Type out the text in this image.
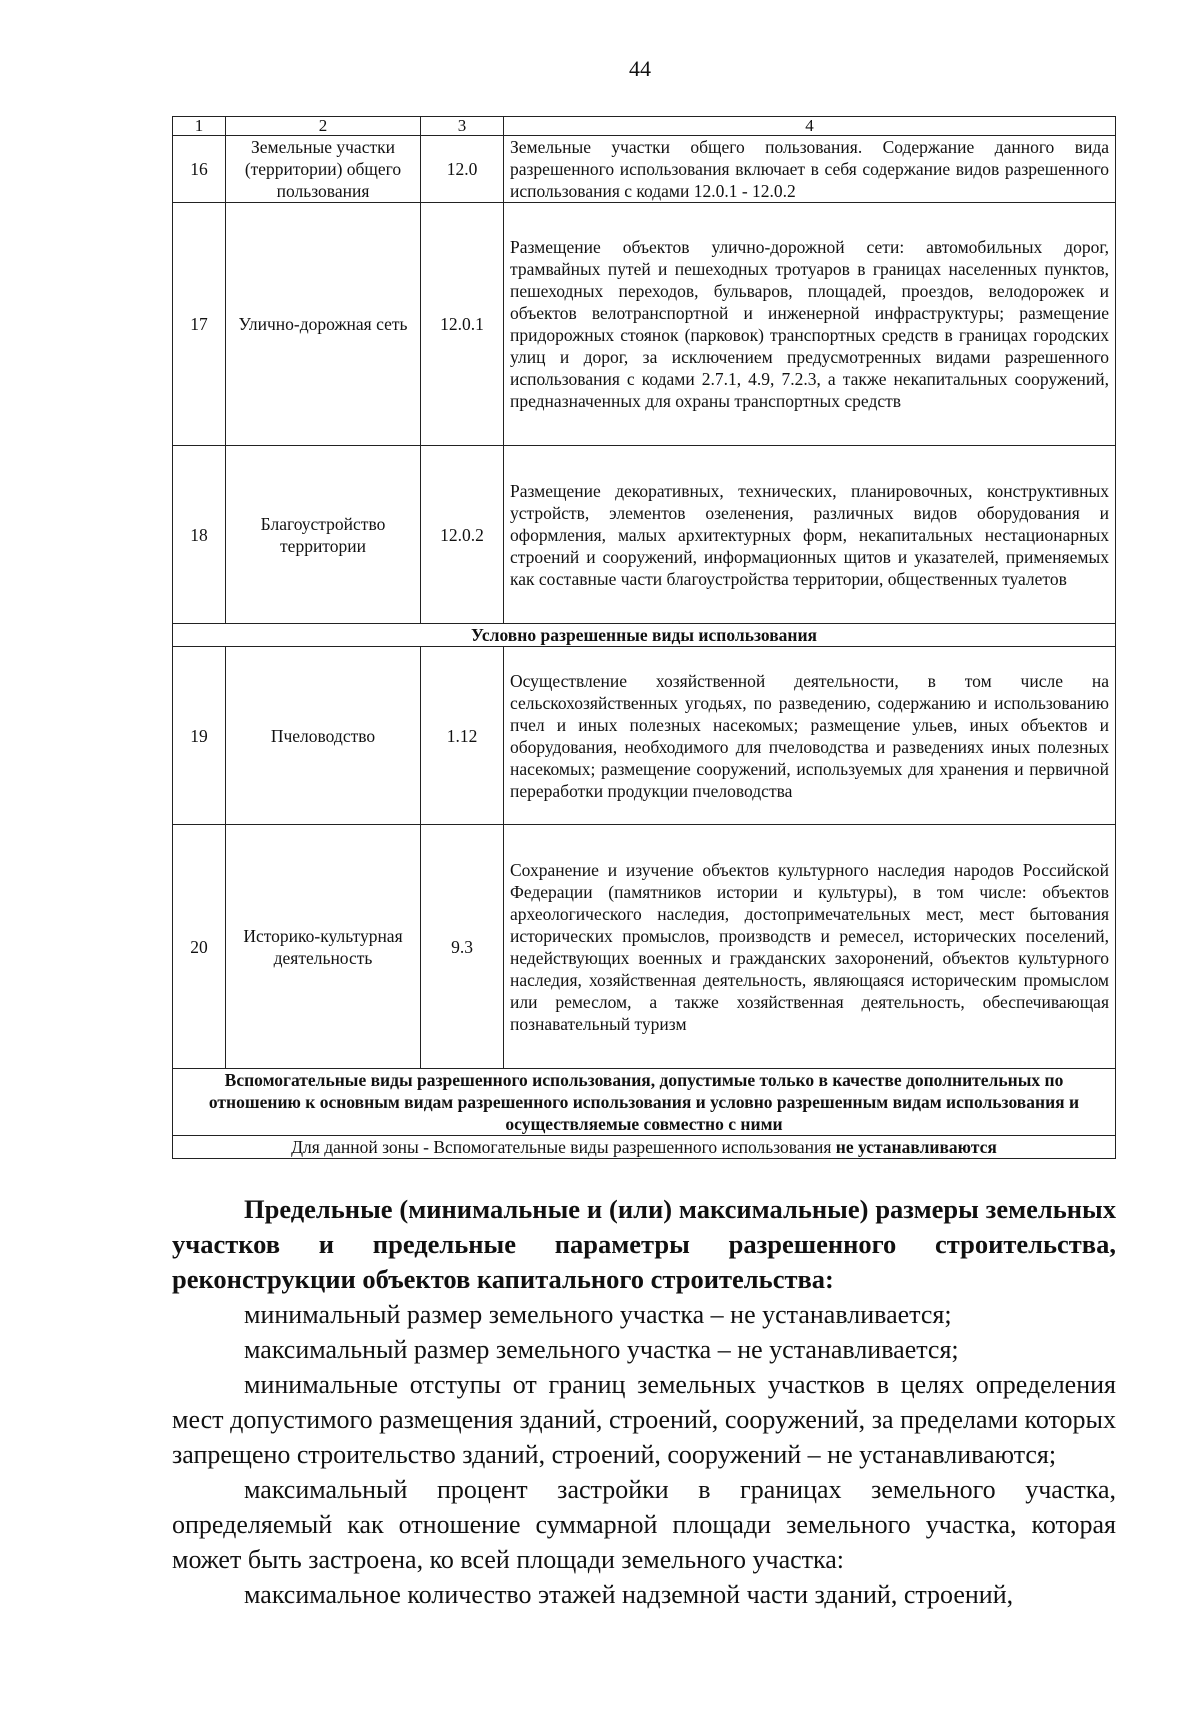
44
1	2	3	4
16	Земельные участки (территории) общего пользования	12.0	Земельные участки общего пользования. Содержание данного вида разрешенного использования включает в себя содержание видов разрешенного использования с кодами 12.0.1 - 12.0.2
17	Улично-дорожная сеть	12.0.1	Размещение объектов улично-дорожной сети: автомобильных дорог, трамвайных путей и пешеходных тротуаров в границах населенных пунктов, пешеходных переходов, бульваров, площадей, проездов, велодорожек и объектов велотранспортной и инженерной инфраструктуры; размещение придорожных стоянок (парковок) транспортных средств в границах городских улиц и дорог, за исключением предусмотренных видами разрешенного использования с кодами 2.7.1, 4.9, 7.2.3, а также некапитальных сооружений, предназначенных для охраны транспортных средств
18	Благоустройство территории	12.0.2	Размещение декоративных, технических, планировочных, конструктивных устройств, элементов озеленения, различных видов оборудования и оформления, малых архитектурных форм, некапитальных нестационарных строений и сооружений, информационных щитов и указателей, применяемых как составные части благоустройства территории, общественных туалетов
Условно разрешенные виды использования			
19	Пчеловодство	1.12	Осуществление хозяйственной деятельности, в том числе на сельскохозяйственных угодьях, по разведению, содержанию и использованию пчел и иных полезных насекомых; размещение ульев, иных объектов и оборудования, необходимого для пчеловодства и разведениях иных полезных насекомых; размещение сооружений, используемых для хранения и первичной переработки продукции пчеловодства
20	Историко-культурная деятельность	9.3	Сохранение и изучение объектов культурного наследия народов Российской Федерации (памятников истории и культуры), в том числе: объектов археологического наследия, достопримечательных мест, мест бытования исторических промыслов, производств и ремесел, исторических поселений, недействующих военных и гражданских захоронений, объектов культурного наследия, хозяйственная деятельность, являющаяся историческим промыслом или ремеслом, а также хозяйственная деятельность, обеспечивающая познавательный туризм
Вспомогательные виды разрешенного использования, допустимые только в качестве дополнительных по отношению к основным видам разрешенного использования и условно разрешенным видам использования и осуществляемые совместно с ними			
Для данной зоны - Вспомогательные виды разрешенного использования не устанавливаются			
Предельные (минимальные и (или) максимальные) размеры земельных участков и предельные параметры разрешенного строительства, реконструкции объектов капитального строительства:

минимальный размер земельного участка – не устанавливается;

максимальный размер земельного участка – не устанавливается;

минимальные отступы от границ земельных участков в целях определения мест допустимого размещения зданий, строений, сооружений, за пределами которых запрещено строительство зданий, строений, сооружений – не устанавливаются;

максимальный процент застройки в границах земельного участка, определяемый как отношение суммарной площади земельного участка, которая может быть застроена, ко всей площади земельного участка:

максимальное количество этажей надземной части зданий, строений,
